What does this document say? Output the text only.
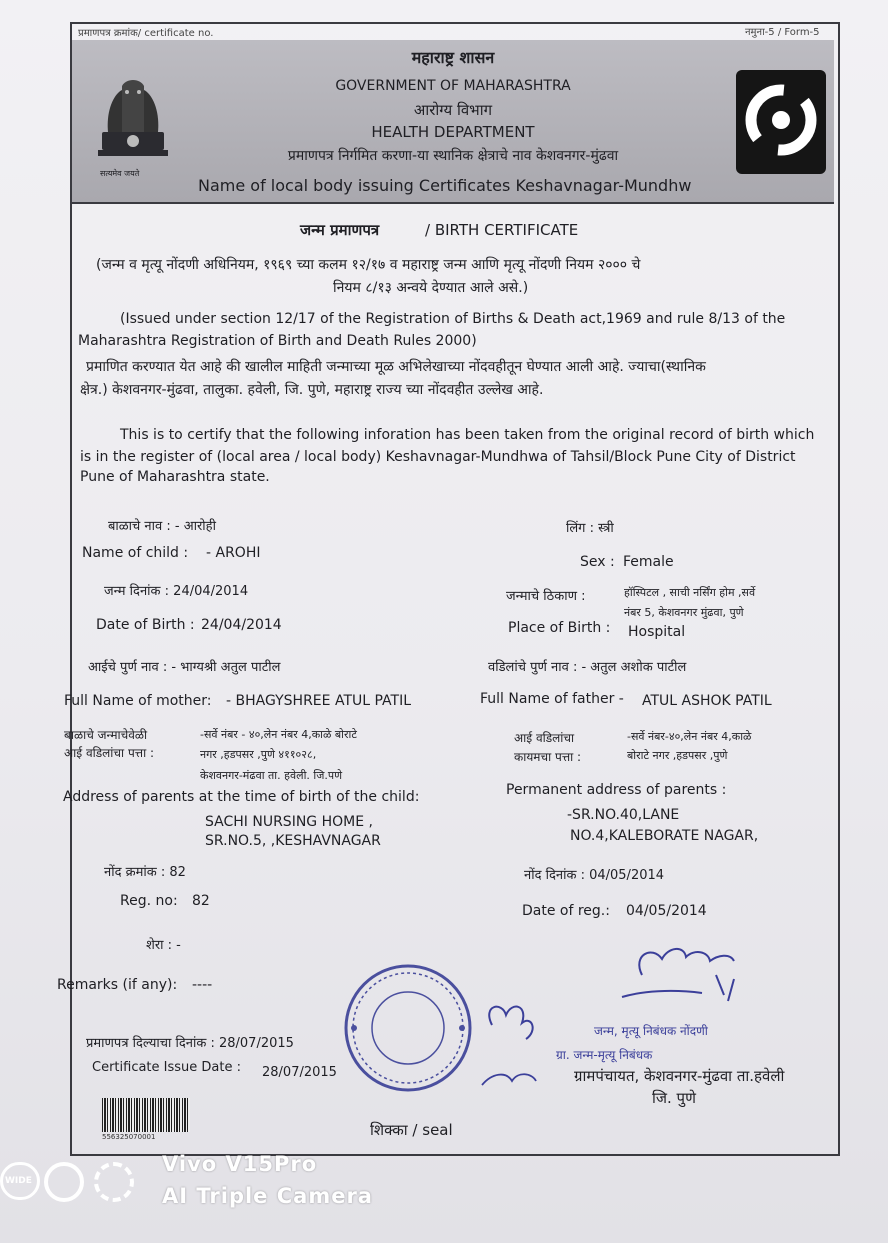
प्रमाणपत्र क्रमांक/ certificate no.	नमुना-5 / Form-5
सत्यमेव जयते
महाराष्ट्र शासन
GOVERNMENT OF MAHARASHTRA
आरोग्य विभाग
HEALTH DEPARTMENT
प्रमाणपत्र निर्गमित करणा-या स्थानिक क्षेत्राचे नाव केशवनगर-मुंढवा
Name of local body issuing Certificates Keshavnagar-Mundhw
जन्म प्रमाणपत्र	/ BIRTH CERTIFICATE
(जन्म व मृत्यू नोंदणी अधिनियम, १९६९ च्या कलम १२/१७ व महाराष्ट्र जन्म आणि मृत्यू नोंदणी नियम २००० चे
नियम ८/१३ अन्वये देण्यात आले असे.)
(Issued under section 12/17 of the Registration of Births & Death act,1969 and rule 8/13 of the
Maharashtra Registration of Birth and Death Rules 2000)
प्रमाणित करण्यात येत आहे की खालील माहिती जन्माच्या मूळ अभिलेखाच्या नोंदवहीतून घेण्यात आली आहे. ज्याचा(स्थानिक
क्षेत्र.) केशवनगर-मुंढवा, तालुका. हवेली, जि. पुणे, महाराष्ट्र राज्य च्या नोंदवहीत उल्लेख आहे.
This is to certify that the following inforation has been taken from the original record of birth which
is in the register of (local area / local body) Keshavnagar-Mundhwa of Tahsil/Block Pune City of District
Pune of Maharashtra state.
बाळाचे नाव : - आरोही
Name of child : - AROHI
जन्म दिनांक : 24/04/2014
Date of Birth : 24/04/2014
आईचे पुर्ण नाव : - भाग्यश्री अतुल पाटील
Full Name of mother: - BHAGYSHREE ATUL PATIL
बाळाचे जन्माचेवेळी
आई वडिलांचा पत्ता :
-सर्वे नंबर - ४०,लेन नंबर 4,काळे बोराटे
नगर ,हडपसर ,पुणे ४११०२८,
केशवनगर-मंढवा ता. हवेली. जि.पणे
Address of parents at the time of birth of the child:
SACHI NURSING HOME ,
SR.NO.5, ,KESHAVNAGAR
नोंद क्रमांक : 82
Reg. no: 82
शेरा : -
Remarks (if any): ----
प्रमाणपत्र दिल्याचा दिनांक : 28/07/2015
Certificate Issue Date : 28/07/2015
लिंग : स्त्री
Sex : Female
जन्माचे ठिकाण :	हॉस्पिटल , साची नर्सिंग होम ,सर्वे
नंबर 5, केशवनगर मुंढवा, पुणे
Place of Birth : Hospital
वडिलांचे पुर्ण नाव : - अतुल अशोक पाटील
Full Name of father - ATUL ASHOK PATIL
आई वडिलांचा
कायमचा पत्ता :
-सर्वे नंबर-४०,लेन नंबर 4,काळे
बोराटे नगर ,हडपसर ,पुणे
Permanent address of parents :
-SR.NO.40,LANE
NO.4,KALEBORATE NAGAR,
नोंद दिनांक : 04/05/2014
Date of reg.: 04/05/2014
जन्म, मृत्यू निबंधक नोंदणी
ग्रा. जन्म-मृत्यू निबंधक
ग्रामपंचायत, केशवनगर-मुंढवा ता.हवेली
जि. पुणे
शिक्का / seal
556325070001
WIDE
Vivo V15Pro
AI Triple Camera
